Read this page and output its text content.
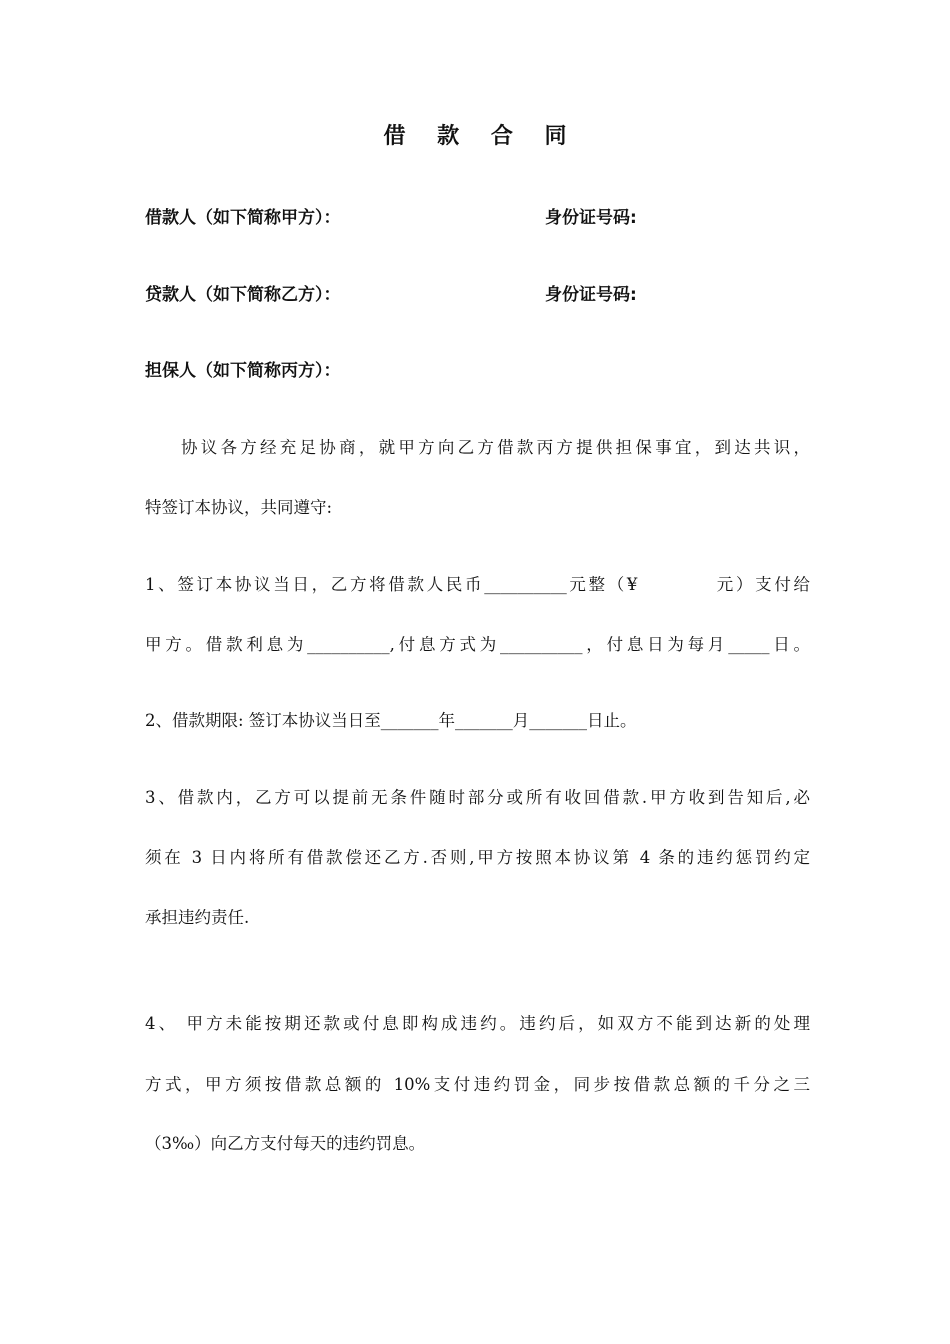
借 款 合 同
借款人（如下简称甲方）：	身份证号码:
贷款人（如下简称乙方）：	身份证号码:
担保人（如下简称丙方）：
协议各方经充足协商，就甲方向乙方借款丙方提供担保事宜，到达共识，
特签订本协议，共同遵守:
1、签订本协议当日，乙方将借款人民币__________元整（¥　　　　元）支付给
甲方。借款利息为__________,付息方式为__________，付息日为每月_____日。
2、借款期限: 签订本协议当日至_______年_______月_______日止。
3、借款内，乙方可以提前无条件随时部分或所有收回借款.甲方收到告知后,必
须在 3 日内将所有借款偿还乙方.否则,甲方按照本协议第 4 条的违约惩罚约定
承担违约责任.
4、 甲方未能按期还款或付息即构成违约。违约后，如双方不能到达新的处理
方式，甲方须按借款总额的 10%支付违约罚金，同步按借款总额的千分之三
（3‰）向乙方支付每天的违约罚息。
